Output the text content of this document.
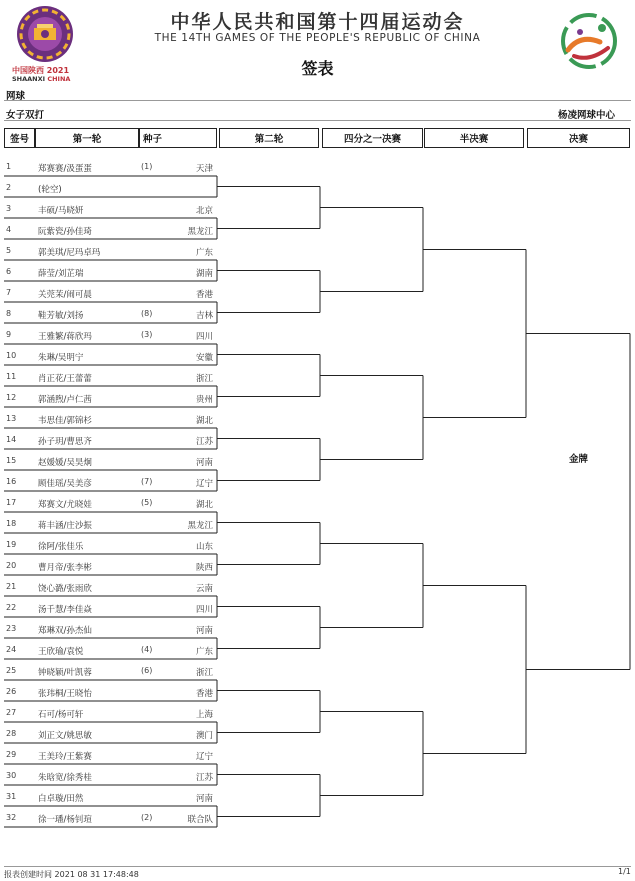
中国陕西 2021
SHAANXI CHINA
中华人民共和国第十四届运动会
THE 14TH GAMES OF THE PEOPLE'S REPUBLIC OF CHINA
签表
网球
女子双打	杨凌网球中心
签号	第一轮	种子	第二轮	四分之一决赛	半决赛	决赛
1	郑赛赛/汲蛋蛋	(1)	天津
2	(轮空)
3	丰硕/马晓妍	北京
4	阮紫瓷/孙佳琦	黑龙江
5	郭美琪/尼玛卓玛	广东
6	薛莹/刘芷瑞	湖南
7	关莞茉/闹可晨	香港
8	鞋芳敏/刘扬	(8)	吉林
9	王雅繁/蒋欣玛	(3)	四川
10	朱琳/吴明宁	安徽
11	肖正花/王蕾蕾	浙江
12	郭涵煦/卢仁茜	贵州
13	韦思佳/郭锦杉	湖北
14	孙子玥/曹思齐	江苏
15	赵媛媛/吴昊炯	河南
16	顾佳瑶/吴美彦	(7)	辽宁
17	郑赛文/尤晓娃	(5)	湖北
18	蒋丰涵/庄沙振	黑龙江
19	徐阿/张佳乐	山东
20	曹月帝/张李彬	陕西
21	饶心潞/张雨欣	云南
22	汤千慧/李佳焱	四川
23	郑琳双/孙杰仙	河南
24	王欣瑜/袁悦	(4)	广东
25	钟晓颖/叶凯蓉	(6)	浙江
26	张玮桐/王晓怡	香港
27	石可/杨可轩	上海
28	刘正文/姚思敏	澳门
29	王美玲/王紫赛	辽宁
30	朱晗宽/徐秀桂	江苏
31	白卓璇/田然	河南
32	徐一璠/杨钊瑄	(2)	联合队
金牌
报表创建时间 2021 08 31 17:48:48	1/1
